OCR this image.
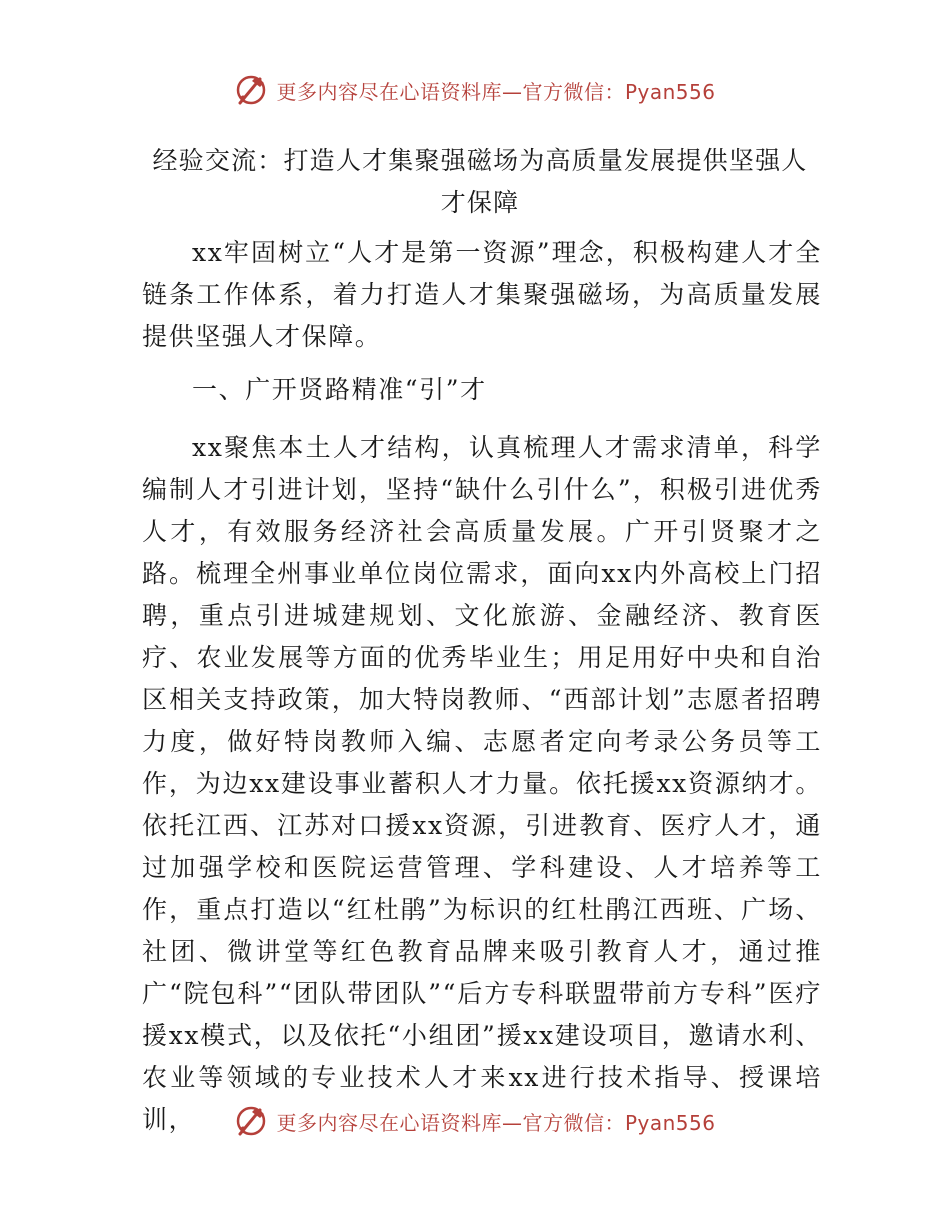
更多内容尽在心语资料库—官方微信：Pyan556
经验交流：打造人才集聚强磁场为高质量发展提供坚强人才保障

xx牢固树立“人才是第一资源”理念，积极构建人才全链条工作体系，着力打造人才集聚强磁场，为高质量发展提供坚强人才保障。

一、广开贤路精准“引”才

xx聚焦本土人才结构，认真梳理人才需求清单，科学编制人才引进计划，坚持“缺什么引什么”，积极引进优秀人才，有效服务经济社会高质量发展。广开引贤聚才之路。梳理全州事业单位岗位需求，面向xx内外高校上门招聘，重点引进城建规划、文化旅游、金融经济、教育医疗、农业发展等方面的优秀毕业生；用足用好中央和自治区相关支持政策，加大特岗教师、“西部计划”志愿者招聘力度，做好特岗教师入编、志愿者定向考录公务员等工作，为边xx建设事业蓄积人才力量。依托援xx资源纳才。依托江西、江苏对口援xx资源，引进教育、医疗人才，通过加强学校和医院运营管理、学科建设、人才培养等工作，重点打造以“红杜鹃”为标识的红杜鹃江西班、广场、社团、微讲堂等红色教育品牌来吸引教育人才，通过推广“院包科”“团队带团队”“后方专科联盟带前方专科”医疗援xx模式，以及依托“小组团”援xx建设项目，邀请水利、农业等领域的专业技术人才来xx进行技术指导、授课培训，	更多内容尽在心语资料库—官方微信：Pyan556
